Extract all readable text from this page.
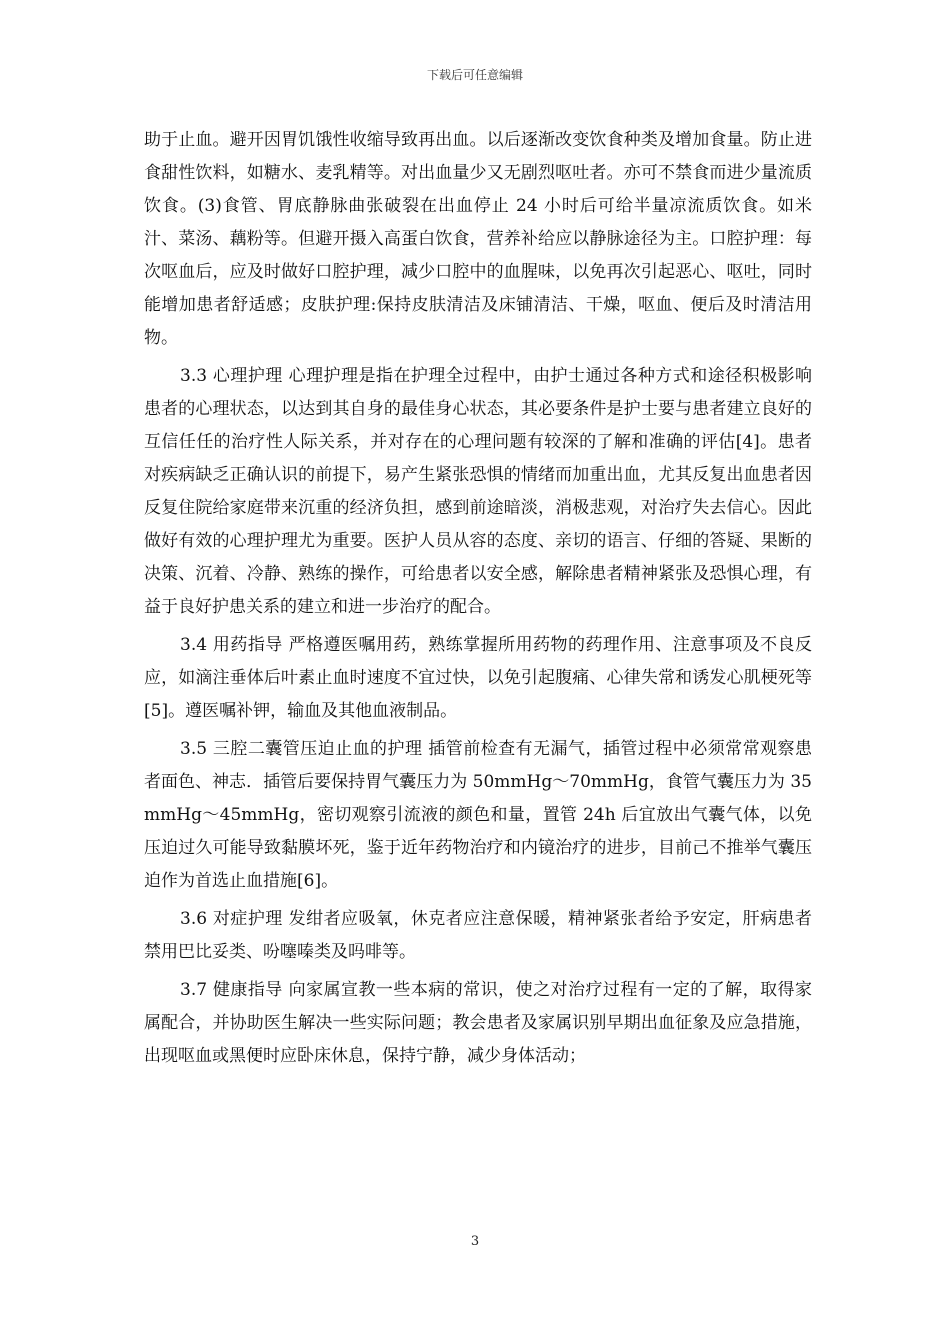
下载后可任意编辑

助于止血。避开因胃饥饿性收缩导致再出血。以后逐渐改变饮食种类及增加食量。防止进食甜性饮料，如糖水、麦乳精等。对出血量少又无剧烈呕吐者。亦可不禁食而进少量流质饮食。(3)食管、胃底静脉曲张破裂在出血停止 24 小时后可给半量凉流质饮食。如米汁、菜汤、藕粉等。但避开摄入高蛋白饮食，营养补给应以静脉途径为主。口腔护理：每次呕血后，应及时做好口腔护理，减少口腔中的血腥味，以免再次引起恶心、呕吐，同时能增加患者舒适感；皮肤护理:保持皮肤清洁及床铺清洁、干燥，呕血、便后及时清洁用物。

3.3 心理护理 心理护理是指在护理全过程中，由护士通过各种方式和途径积极影响患者的心理状态，以达到其自身的最佳身心状态，其必要条件是护士要与患者建立良好的互信任任的治疗性人际关系，并对存在的心理问题有较深的了解和准确的评估[4]。患者对疾病缺乏正确认识的前提下，易产生紧张恐惧的情绪而加重出血，尤其反复出血患者因反复住院给家庭带来沉重的经济负担，感到前途暗淡，消极悲观，对治疗失去信心。因此做好有效的心理护理尤为重要。医护人员从容的态度、亲切的语言、仔细的答疑、果断的决策、沉着、冷静、熟练的操作，可给患者以安全感，解除患者精神紧张及恐惧心理，有益于良好护患关系的建立和进一步治疗的配合。

3.4 用药指导 严格遵医嘱用药，熟练掌握所用药物的药理作用、注意事项及不良反应，如滴注垂体后叶素止血时速度不宜过快，以免引起腹痛、心律失常和诱发心肌梗死等[5]。遵医嘱补钾，输血及其他血液制品。

3.5 三腔二囊管压迫止血的护理 插管前检查有无漏气，插管过程中必须常常观察患者面色、神志．插管后要保持胃气囊压力为 50mmHg～70mmHg，食管气囊压力为 35mmHg～45mmHg，密切观察引流液的颜色和量，置管 24h 后宜放出气囊气体，以免压迫过久可能导致黏膜坏死，鉴于近年药物治疗和内镜治疗的进步，目前己不推举气囊压迫作为首选止血措施[6]。

3.6 对症护理 发绀者应吸氧，休克者应注意保暖，精神紧张者给予安定，肝病患者禁用巴比妥类、吩噻嗪类及吗啡等。

3.7 健康指导 向家属宣教一些本病的常识，使之对治疗过程有一定的了解，取得家属配合，并协助医生解决一些实际问题；教会患者及家属识别早期出血征象及应急措施，出现呕血或黑便时应卧床休息，保持宁静，减少身体活动；

3
